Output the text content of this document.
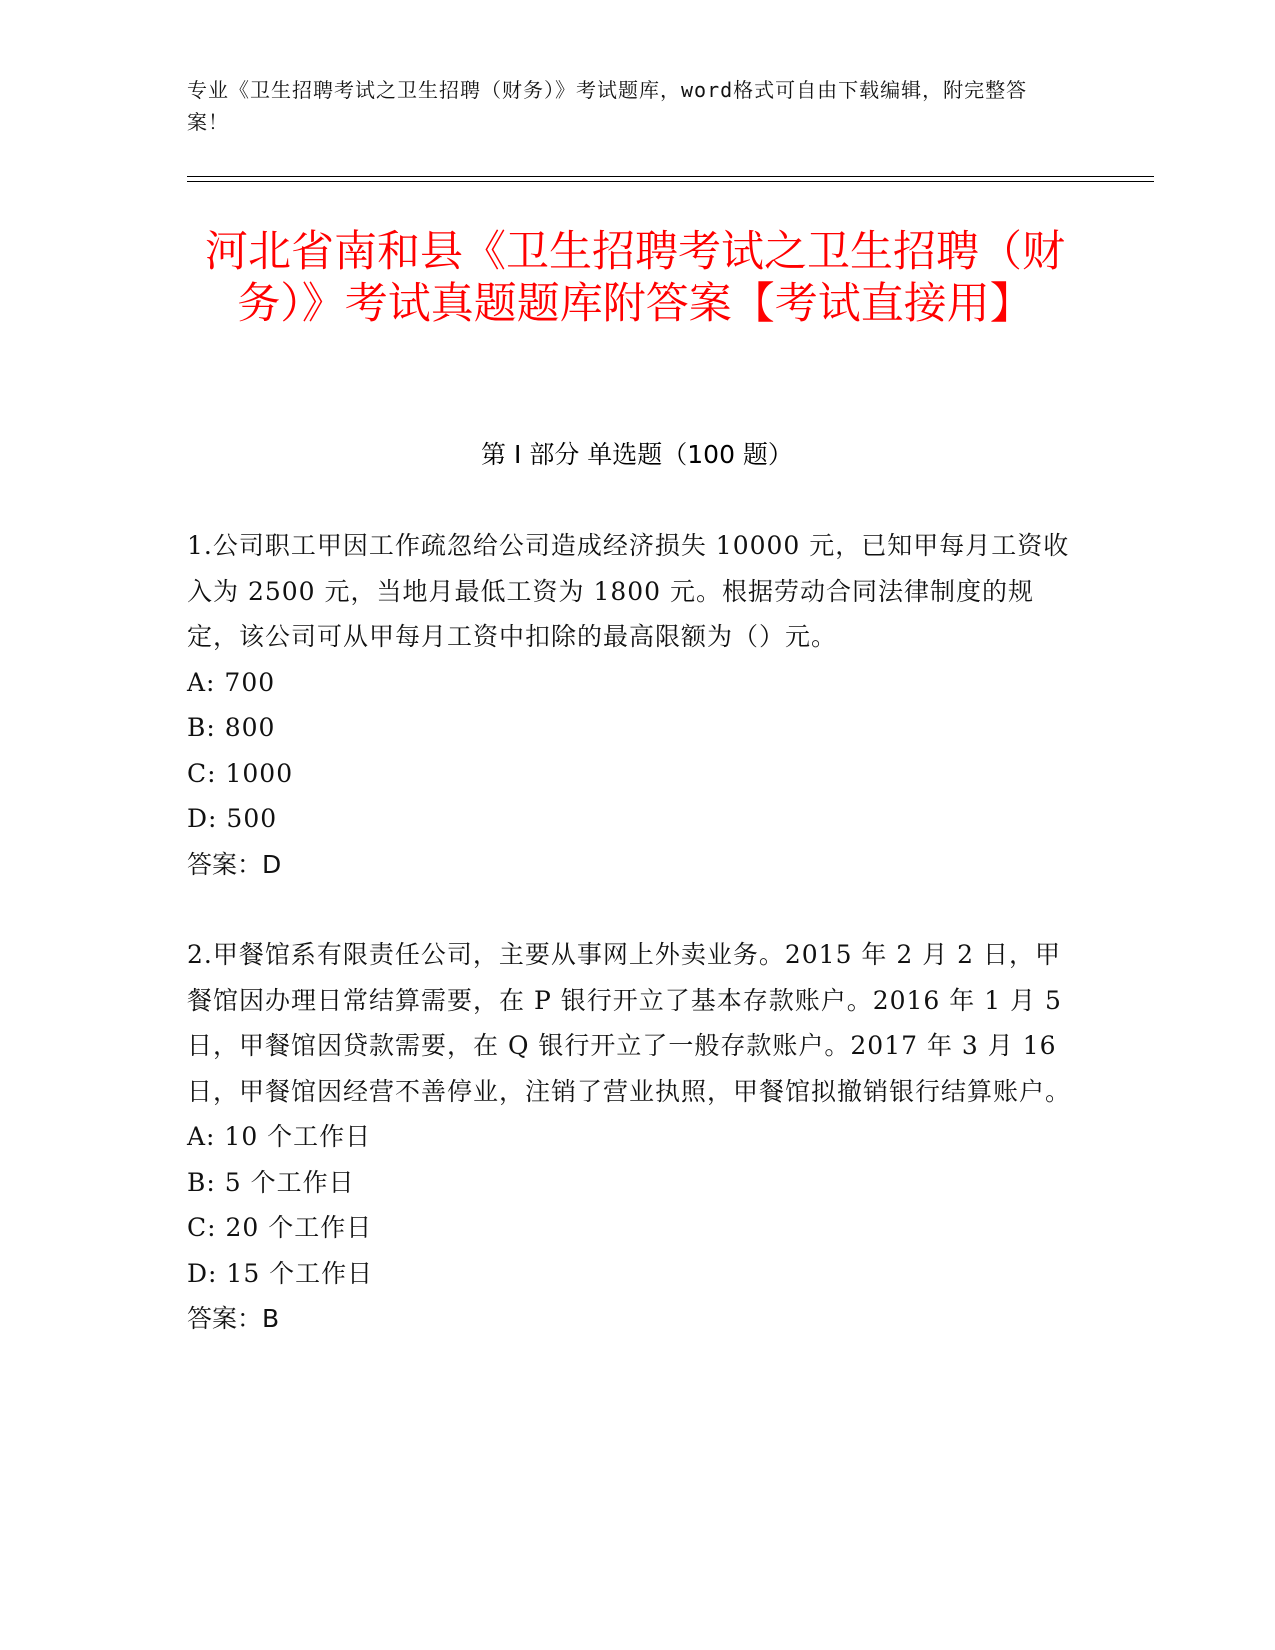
专业《卫生招聘考试之卫生招聘（财务）》考试题库，word格式可自由下载编辑，附完整答案！
河北省南和县《卫生招聘考试之卫生招聘（财务）》考试真题题库附答案【考试直接用】
第 I 部分 单选题（100 题）

1.公司职工甲因工作疏忽给公司造成经济损失 10000 元，已知甲每月工资收入为 2500 元，当地月最低工资为 1800 元。根据劳动合同法律制度的规定，该公司可从甲每月工资中扣除的最高限额为（）元。

A: 700

B: 800

C: 1000

D: 500

答案：D

2.甲餐馆系有限责任公司，主要从事网上外卖业务。2015 年 2 月 2 日，甲餐馆因办理日常结算需要，在 P 银行开立了基本存款账户。2016 年 1 月 5 日，甲餐馆因贷款需要，在 Q 银行开立了一般存款账户。2017 年 3 月 16 日，甲餐馆因经营不善停业，注销了营业执照，甲餐馆拟撤销银行结算账户。

A: 10 个工作日

B: 5 个工作日

C: 20 个工作日

D: 15 个工作日

答案：B
